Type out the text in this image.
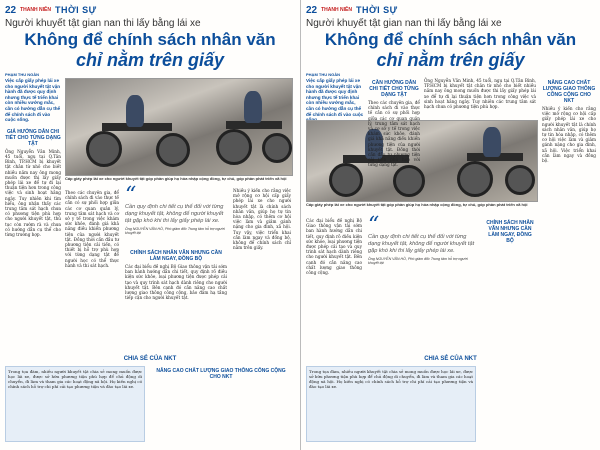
22 THANH NIÊN THỜI SỰ
Người khuyết tật gian nan thi lấy bằng lái xe
Không để chính sách nhân văn
chỉ nằm trên giấy
PHẠM THU NGÂN
Việc cấp giấy phép lái xe cho người khuyết tật vận hành đã được quy định nhưng thực tế triển khai còn nhiều vướng mắc, cần có hướng dẫn cụ thể để chính sách đi vào cuộc sống.
GIÁ HƯỚNG DẪN CHI TIẾT CHO TỪNG DẠNG TẬT
Ông Nguyễn Văn Minh, 45 tuổi, ngụ tại Q.Tân Bình, TP.HCM bị khuyết tật chân từ nhỏ cho biết nhiều năm nay ông mong muốn được thi lấy giấy phép lái xe để tự đi lại thuận tiện hơn trong công việc và sinh hoạt hằng ngày. Tuy nhiên khi tìm hiểu, ông nhận thấy các trung tâm sát hạch chưa có phương tiện phù hợp cho người khuyết tật, thủ tục còn rườm rà và chưa có hướng dẫn cụ thể cho từng trường hợp.
Cấp giấy phép lái xe cho người khuyết tật góp phần giúp họ hòa nhập cộng đồng, tự chủ, góp phần phát triển xã hội
Theo các chuyên gia, để chính sách đi vào thực tế cần có sự phối hợp giữa các cơ quan quản lý, trung tâm sát hạch và cơ sở y tế trong việc khám sức khỏe, đánh giá khả năng điều khiển phương tiện của người khuyết tật. Đồng thời cần đầu tư phương tiện cải tiến, có thiết bị hỗ trợ phù hợp với từng dạng tật để người học có thể thực hành và thi sát hạch.
“
Cần quy định chi tiết cụ thể đối với từng dạng khuyết tật, không để người khuyết tật gặp khó khi thi lấy giấy phép lái xe.
Ông NGUYỄN VĂN HỒ, Phó giám đốc Trung tâm hỗ trợ người khuyết tật
Nhiều ý kiến cho rằng việc mở rộng cơ hội cấp giấy phép lái xe cho người khuyết tật là chính sách nhân văn, giúp họ tự tin hòa nhập, có thêm cơ hội việc làm và giảm gánh nặng cho gia đình, xã hội. Tuy vậy, việc triển khai cần làm ngay và đồng bộ, không để chính sách chỉ nằm trên giấy.
CHÍNH SÁCH NHÂN VĂN NHƯNG CẦN LÀM NGAY, ĐỒNG BỘ
Các đại biểu đề nghị Bộ Giao thông vận tải sớm ban hành hướng dẫn chi tiết, quy định rõ điều kiện sức khỏe, loại phương tiện được phép cải tạo và quy trình sát hạch dành riêng cho người khuyết tật. Bên cạnh đó cần nâng cao chất lượng giao thông công cộng, bảo đảm hạ tầng tiếp cận cho người khuyết tật.
CHIA SẺ CỦA NKT
Trong tọa đàm, nhiều người khuyết tật chia sẻ mong muốn được học lái xe, được sở hữu phương tiện phù hợp để chủ động di chuyển, đi làm và tham gia các hoạt động xã hội. Họ kiến nghị có chính sách hỗ trợ chi phí cải tạo phương tiện và đào tạo lái xe.
NÂNG CAO CHẤT LƯỢNG GIAO THÔNG CÔNG CỘNG CHO NKT
22 THANH NIÊN THỜI SỰ
Người khuyết tật gian nan thi lấy bằng lái xe
Không để chính sách nhân văn
chỉ nằm trên giấy
PHẠM THU NGÂN
Việc cấp giấy phép lái xe cho người khuyết tật vận hành đã được quy định nhưng thực tế triển khai còn nhiều vướng mắc, cần có hướng dẫn cụ thể để chính sách đi vào cuộc
Cấp giấy phép lái xe cho người khuyết tật góp phần giúp họ hòa nhập cộng đồng, tự chủ, góp phần phát triển xã hội
CẦN HƯỚNG DẪN CHI TIẾT CHO TỪNG DẠNG TẬT
Theo các chuyên gia, để chính sách đi vào thực tế cần có sự phối hợp giữa các cơ quan quản lý, trung tâm sát hạch và cơ sở y tế trong việc khám sức khỏe, đánh giá khả năng điều khiển phương tiện của người khuyết tật. Đồng thời cần đầu tư phương tiện cải tiến phù hợp với từng dạng tật.
Ông Nguyễn Văn Minh, 45 tuổi, ngụ tại Q.Tân Bình, TP.HCM bị khuyết tật chân từ nhỏ cho biết nhiều năm nay ông mong muốn được thi lấy giấy phép lái xe để tự đi lại thuận tiện hơn trong công việc và sinh hoạt hằng ngày. Tuy nhiên các trung tâm sát hạch chưa có phương tiện phù hợp.
NÂNG CAO CHẤT LƯỢNG GIAO THÔNG CÔNG CỘNG CHO NKT
Nhiều ý kiến cho rằng việc mở rộng cơ hội cấp giấy phép lái xe cho người khuyết tật là chính sách nhân văn, giúp họ tự tin hòa nhập, có thêm cơ hội việc làm và giảm gánh nặng cho gia đình, xã hội. Việc triển khai cần làm ngay và đồng bộ.
“
Cần quy định chi tiết cụ thể đối với từng dạng khuyết tật, không để người khuyết tật gặp khó khi thi lấy giấy phép lái xe.
Ông NGUYỄN VĂN HỒ, Phó giám đốc Trung tâm hỗ trợ người khuyết tật
Các đại biểu đề nghị Bộ Giao thông vận tải sớm ban hành hướng dẫn chi tiết, quy định rõ điều kiện sức khỏe, loại phương tiện được phép cải tạo và quy trình sát hạch dành riêng cho người khuyết tật. Bên cạnh đó cần nâng cao chất lượng giao thông công cộng.
CHÍNH SÁCH NHÂN VĂN NHƯNG CẦN LÀM NGAY, ĐỒNG BỘ
CHIA SẺ CỦA NKT
Trong tọa đàm, nhiều người khuyết tật chia sẻ mong muốn được học lái xe, được sở hữu phương tiện phù hợp để chủ động di chuyển, đi làm và tham gia các hoạt động xã hội. Họ kiến nghị có chính sách hỗ trợ chi phí cải tạo phương tiện và đào tạo lái xe.
